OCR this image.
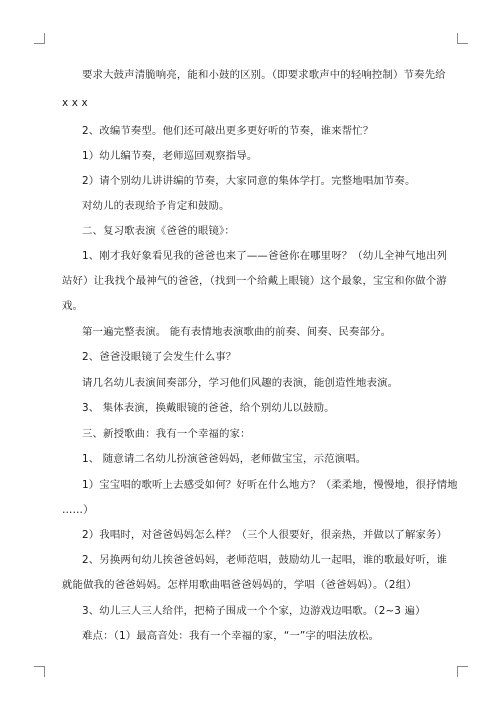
要求大鼓声清脆响亮，能和小鼓的区别。（即要求歌声中的轻响控制）节奏先给
x x x
2、改编节奏型。他们还可敲出更多更好听的节奏，谁来帮忙？
1）幼儿编节奏，老师巡回观察指导。
2）请个别幼儿讲讲编的节奏，大家同意的集体学打。完整地唱加节奏。
对幼儿的表现给予肯定和鼓励。
二、复习歌表演《爸爸的眼镜》：
1、刚才我好象看见我的爸爸也来了——爸爸你在哪里呀？（幼儿全神气地出列
站好）让我找个最神气的爸爸，（找到一个给戴上眼镜）这个最象，宝宝和你做个游
戏。
第一遍完整表演。 能有表情地表演歌曲的前奏、间奏、民奏部分。
2、爸爸没眼镜了会发生什么事？
请几名幼儿表演间奏部分，学习他们风趣的表演，能创造性地表演。
3、 集体表演，换戴眼镜的爸爸，给个别幼儿以鼓励。
三、新授歌曲：我有一个幸福的家：
1、 随意请二名幼儿扮演爸爸妈妈，老师做宝宝，示范演唱。
1）宝宝唱的歌听上去感受如何？好听在什么地方？（柔柔地，慢慢地，很抒情地
……）
2）我唱时，对爸爸妈妈怎么样？（三个人很要好，很亲热，并做以了解家务）
2、另换两旬幼儿挨爸爸妈妈，老师范唱，鼓励幼儿一起唱，谁的歌最好听，谁
就能做我的爸爸妈妈。怎样用歌曲唱爸爸妈妈的，学唱（爸爸妈妈）。（2组）
3、幼儿三人三人给伴，把椅子围成一个个家，边游戏边唱歌。（2~3 遍）
难点：（1）最高音处：我有一个幸福的家，“一”字的唱法放松。
